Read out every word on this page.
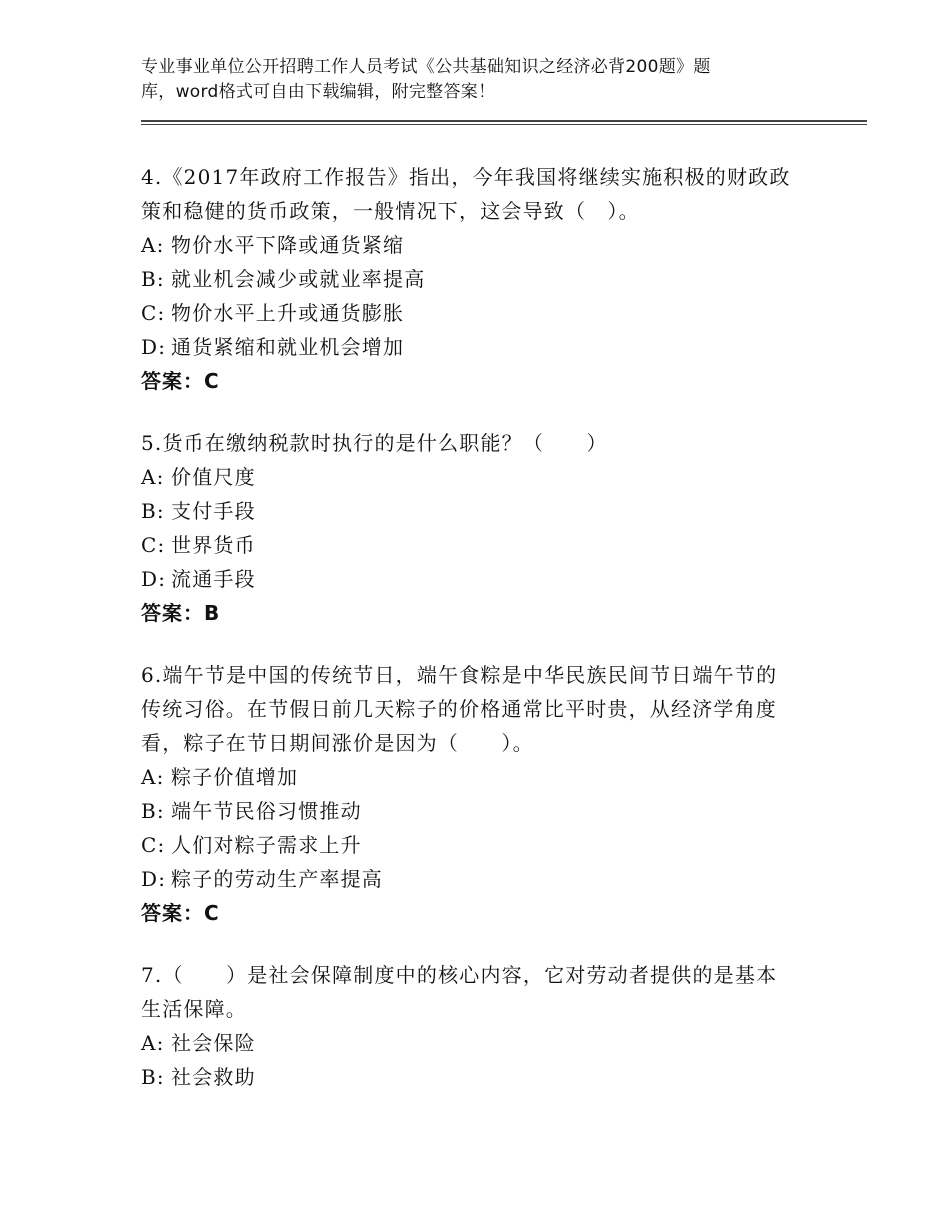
专业事业单位公开招聘工作人员考试《公共基础知识之经济必背200题》题
库，word格式可自由下载编辑，附完整答案！

4.《2017年政府工作报告》指出，今年我国将继续实施积极的财政政

策和稳健的货币政策，一般情况下，这会导致（　）。

A: 物价水平下降或通货紧缩

B: 就业机会减少或就业率提高

C: 物价水平上升或通货膨胀

D: 通货紧缩和就业机会增加

答案：C

5.货币在缴纳税款时执行的是什么职能？（　　）

A: 价值尺度

B: 支付手段

C: 世界货币

D: 流通手段

答案：B

6.端午节是中国的传统节日，端午食粽是中华民族民间节日端午节的

传统习俗。在节假日前几天粽子的价格通常比平时贵，从经济学角度

看，粽子在节日期间涨价是因为（　　）。

A: 粽子价值增加

B: 端午节民俗习惯推动

C: 人们对粽子需求上升

D: 粽子的劳动生产率提高

答案：C

7.（　　）是社会保障制度中的核心内容，它对劳动者提供的是基本

生活保障。

A: 社会保险

B: 社会救助
